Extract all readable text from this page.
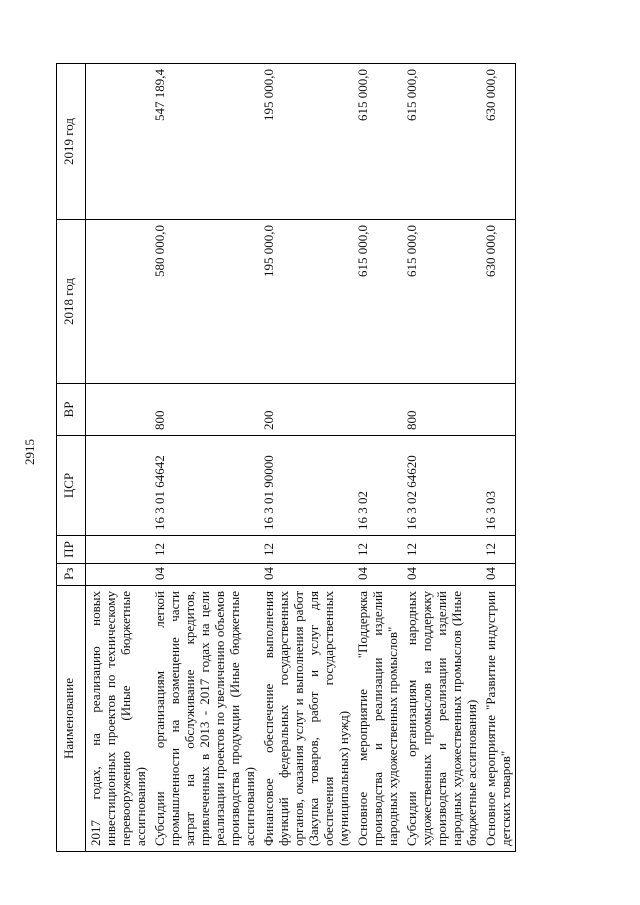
2915
Наименование	Рз	ПР	ЦСР	ВР	2018 год	2019 год
2017 годах, на реализацию новых инвестиционных проектов по техническому перевооружению (Иные бюджетные ассигнования)						
Субсидии организациям легкой промышленности на возмещение части затрат на обслуживание кредитов, привлеченных в 2013 - 2017 годах на цели реализации проектов по увеличению объемов производства продукции (Иные бюджетные ассигнования)	04	12	16 3 01 64642	800	580 000,0	547 189,4
Финансовое обеспечение выполнения функций федеральных государственных органов, оказания услуг и выполнения работ (Закупка товаров, работ и услуг для обеспечения государственных (муниципальных) нужд)	04	12	16 3 01 90000	200	195 000,0	195 000,0
Основное мероприятие "Поддержка производства и реализации изделий народных художественных промыслов"	04	12	16 3 02		615 000,0	615 000,0
Субсидии организациям народных художественных промыслов на поддержку производства и реализации изделий народных художественных промыслов (Иные бюджетные ассигнования)	04	12	16 3 02 64620	800	615 000,0	615 000,0
Основное мероприятие "Развитие индустрии детских товаров"	04	12	16 3 03		630 000,0	630 000,0
